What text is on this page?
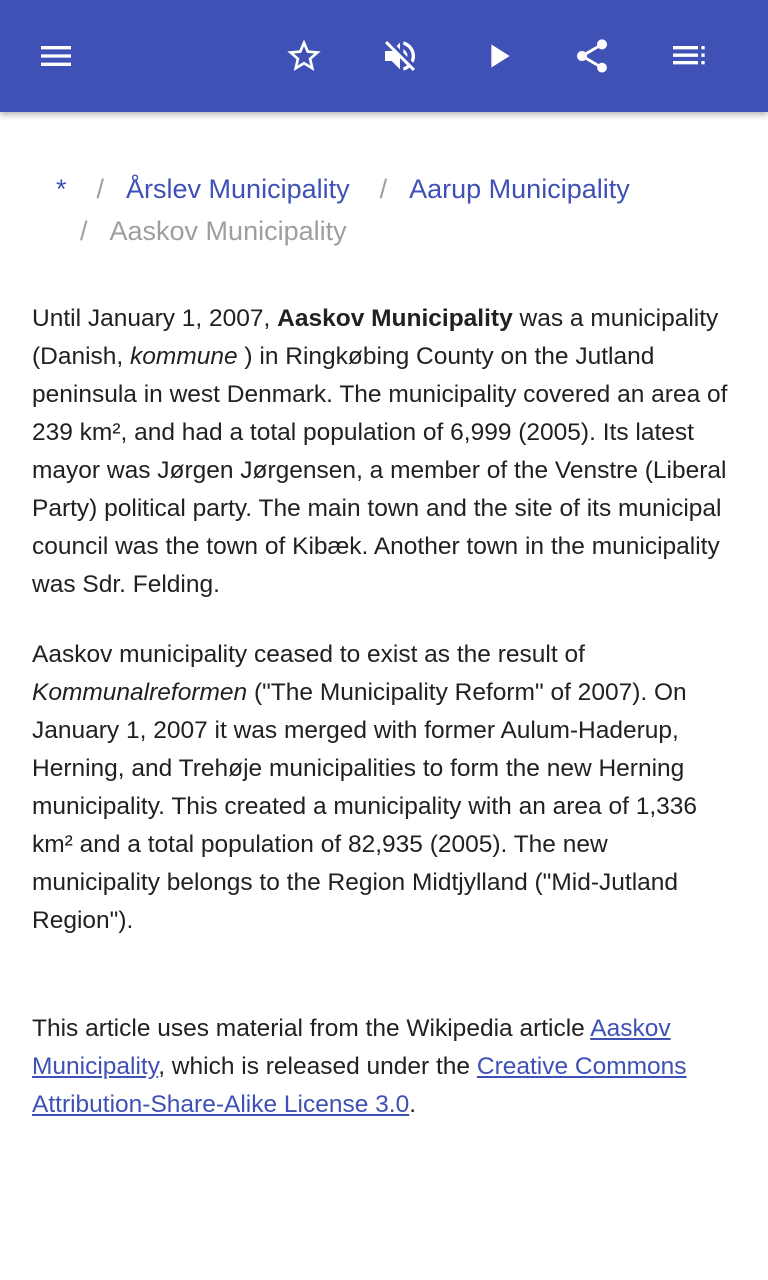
* / Årslev Municipality / Aarup Municipality
/ Aaskov Municipality

Until January 1, 2007, Aaskov Municipality was a municipality (Danish, kommune ) in Ringkøbing County on the Jutland peninsula in west Denmark. The municipality covered an area of 239 km², and had a total population of 6,999 (2005). Its latest mayor was Jørgen Jørgensen, a member of the Venstre (Liberal Party) political party. The main town and the site of its municipal council was the town of Kibæk. Another town in the municipality was Sdr. Felding.

Aaskov municipality ceased to exist as the result of Kommunalreformen ("The Municipality Reform" of 2007). On January 1, 2007 it was merged with former Aulum-Haderup, Herning, and Trehøje municipalities to form the new Herning municipality. This created a municipality with an area of 1,336 km² and a total population of 82,935 (2005). The new municipality belongs to the Region Midtjylland ("Mid-Jutland Region").

This article uses material from the Wikipedia article Aaskov Municipality, which is released under the Creative Commons Attribution-Share-Alike License 3.0.
